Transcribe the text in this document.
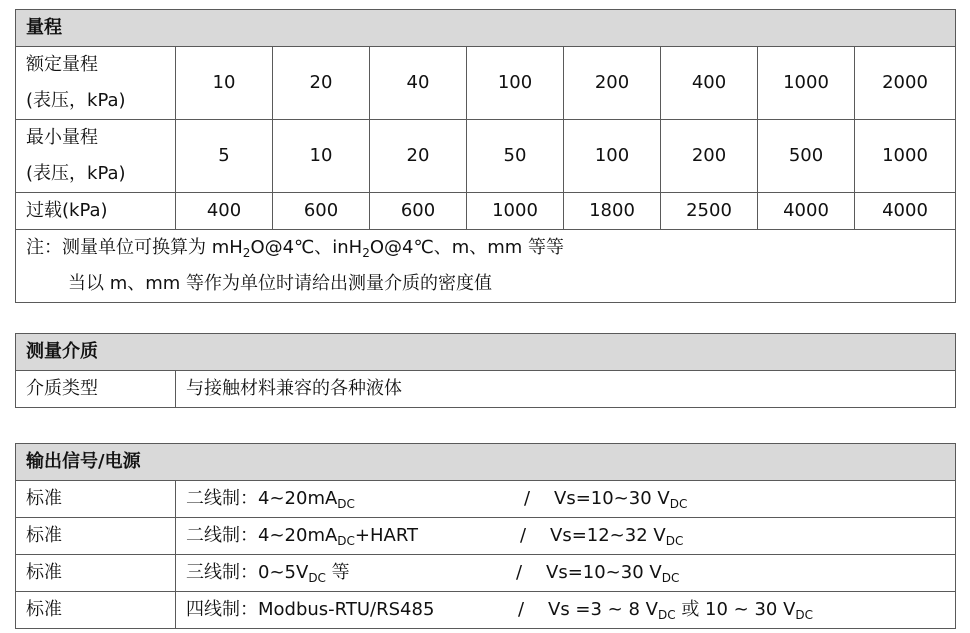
量程								

额定量程
(表压，kPa)	10	20	40	100	200	400	1000	2000

最小量程
(表压，kPa)	5	10	20	50	100	200	500	1000
过载(kPa)	400	600	600	1000	1800	2500	4000	4000

注：测量单位可换算为 $mH_2O@4℃$、inH$_2$O@4℃、m、mm 等等
当以 m、mm 等作为单位时请给出测量介质的密度值								
测量介质
介质类型	与接触材料兼容的各种液体
输出信号/电源	
标准	二线制：$4\sim 20mA_{DC}$ / Vs=10~30 $V_{DC}$

标准	二线制：$4\sim 20mA_{DC}+HART$ / Vs=12~32 $V_{DC}$

标准	三线制：$0\sim 5V_{DC}$ 等 / Vs=10~30 $V_{DC}$

标准	四线制：Modbus-RTU/RS485 / Vs =3 ~ 8 $V_{DC}$ 或 10 ~ 30 $V_{DC}$
